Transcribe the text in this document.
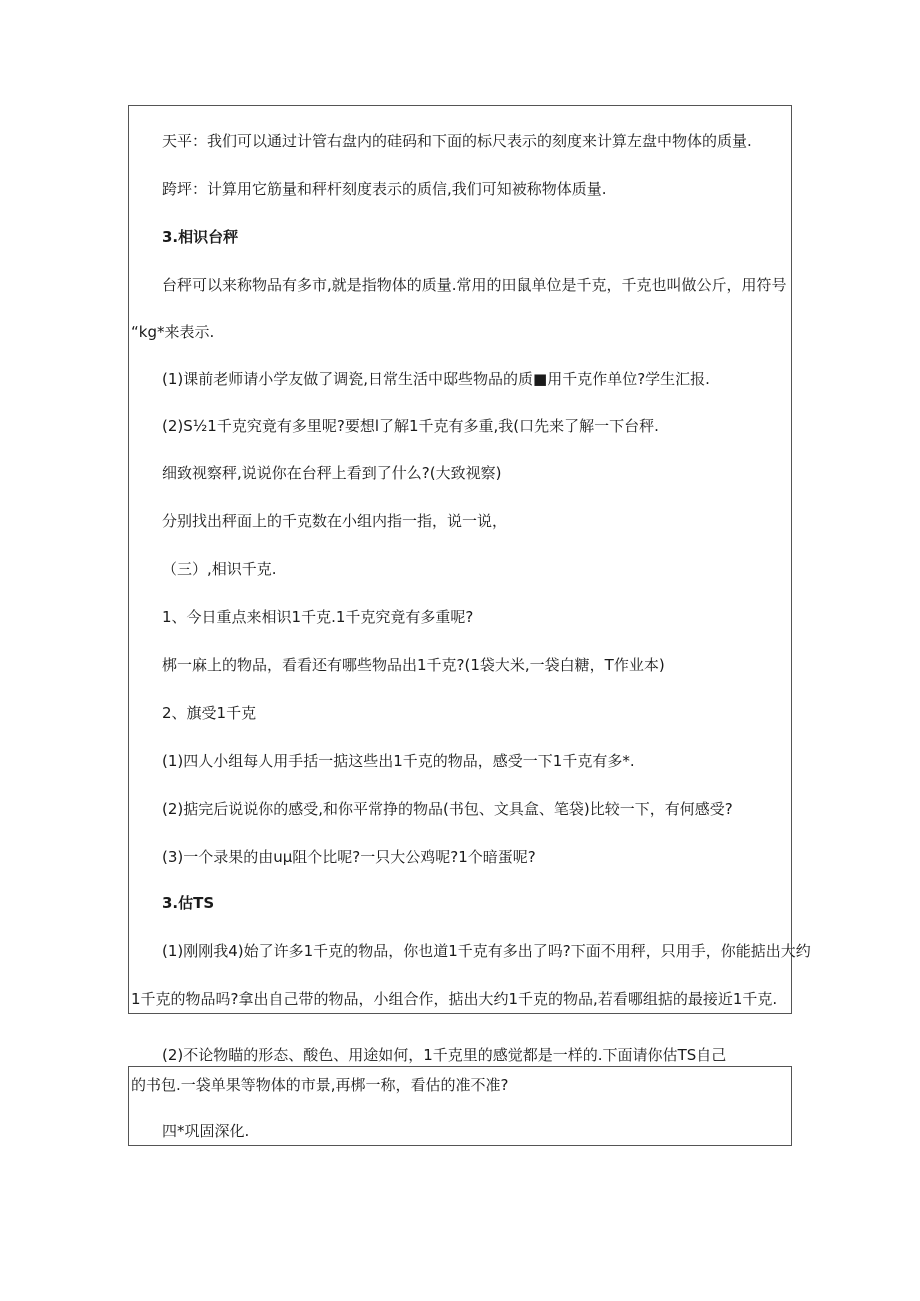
天平：我们可以通过计管右盘内的硅码和下面的标尺表示的刻度来计算左盘中物体的质量.
跨坪：计算用它筋量和秤杆刻度表示的质信,我们可知被称物体质量.
3.相识台秤
台秤可以来称物品有多市,就是指物体的质量.常用的田鼠单位是千克，千克也叫做公斤，用符号
“kg*来表示.
(1)课前老师请小学友做了调瓷,日常生活中邸些物品的质■用千克作单位?学生汇报.
(2)S½1千克究竟有多里呢?要想l了解1千克有多重,我(口先来了解一下台秤.
细致视察秤,说说你在台秤上看到了什么?(大致视察)
分别找出秤面上的千克数在小组内指一指，说一说，
（三）,相识千克.
1、今日重点来相识1千克.1千克究竟有多重呢?
梆一麻上的物品，看看还有哪些物品出1千克?(1袋大米,一袋白糖，T作业本)
2、旗受1千克
(1)四人小组每人用手括一掂这些出1千克的物品，感受一下1千克有多*.
(2)掂完后说说你的感受,和你平常挣的物品(书包、文具盒、笔袋)比较一下，有何感受?
(3)一个录果的由uμ阻个比呢?一只大公鸡呢?1个暗蛋呢?
3.估TS
(1)刚刚我4)始了许多1千克的物品，你也道1千克有多出了吗?下面不用秤，只用手，你能掂出大约
1千克的物品吗?拿出自己带的物品，小组合作，掂出大约1千克的物品,若看哪组掂的最接近1千克.
(2)不论物瞄的形态、酸色、用途如何，1千克里的感觉都是一样的.下面请你估TS自己
的书包.一袋单果等物体的市景,再梆一称，看估的准不准?
四*巩固深化.
